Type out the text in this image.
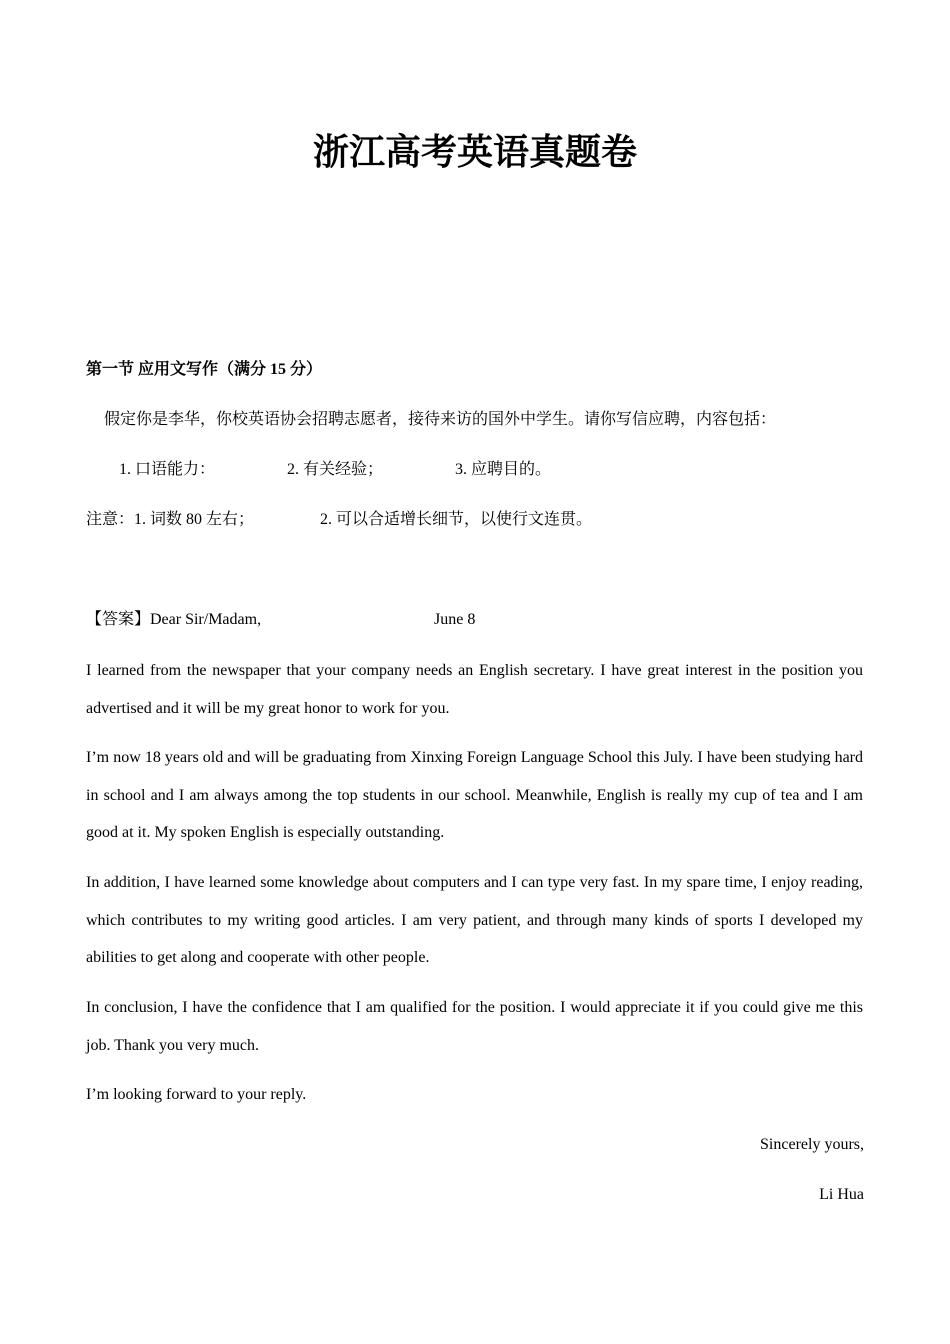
浙江高考英语真题卷
第一节 应用文写作（满分 15 分）
假定你是李华，你校英语协会招聘志愿者，接待来访的国外中学生。请你写信应聘，内容包括：
1. 口语能力：	2. 有关经验；	3. 应聘目的。
注意：1. 词数 80 左右；	2. 可以合适增长细节，以使行文连贯。
【答案】Dear Sir/Madam,	June 8
I learned from the newspaper that your company needs an English secretary. I have great interest in the position you advertised and it will be my great honor to work for you.
I’m now 18 years old and will be graduating from Xinxing Foreign Language School this July. I have been studying hard in school and I am always among the top students in our school. Meanwhile, English is really my cup of tea and I am good at it. My spoken English is especially outstanding.
In addition, I have learned some knowledge about computers and I can type very fast. In my spare time, I enjoy reading, which contributes to my writing good articles. I am very patient, and through many kinds of sports I developed my abilities to get along and cooperate with other people.
In conclusion, I have the confidence that I am qualified for the position. I would appreciate it if you could give me this job. Thank you very much.
I’m looking forward to your reply.
Sincerely yours,
Li Hua
